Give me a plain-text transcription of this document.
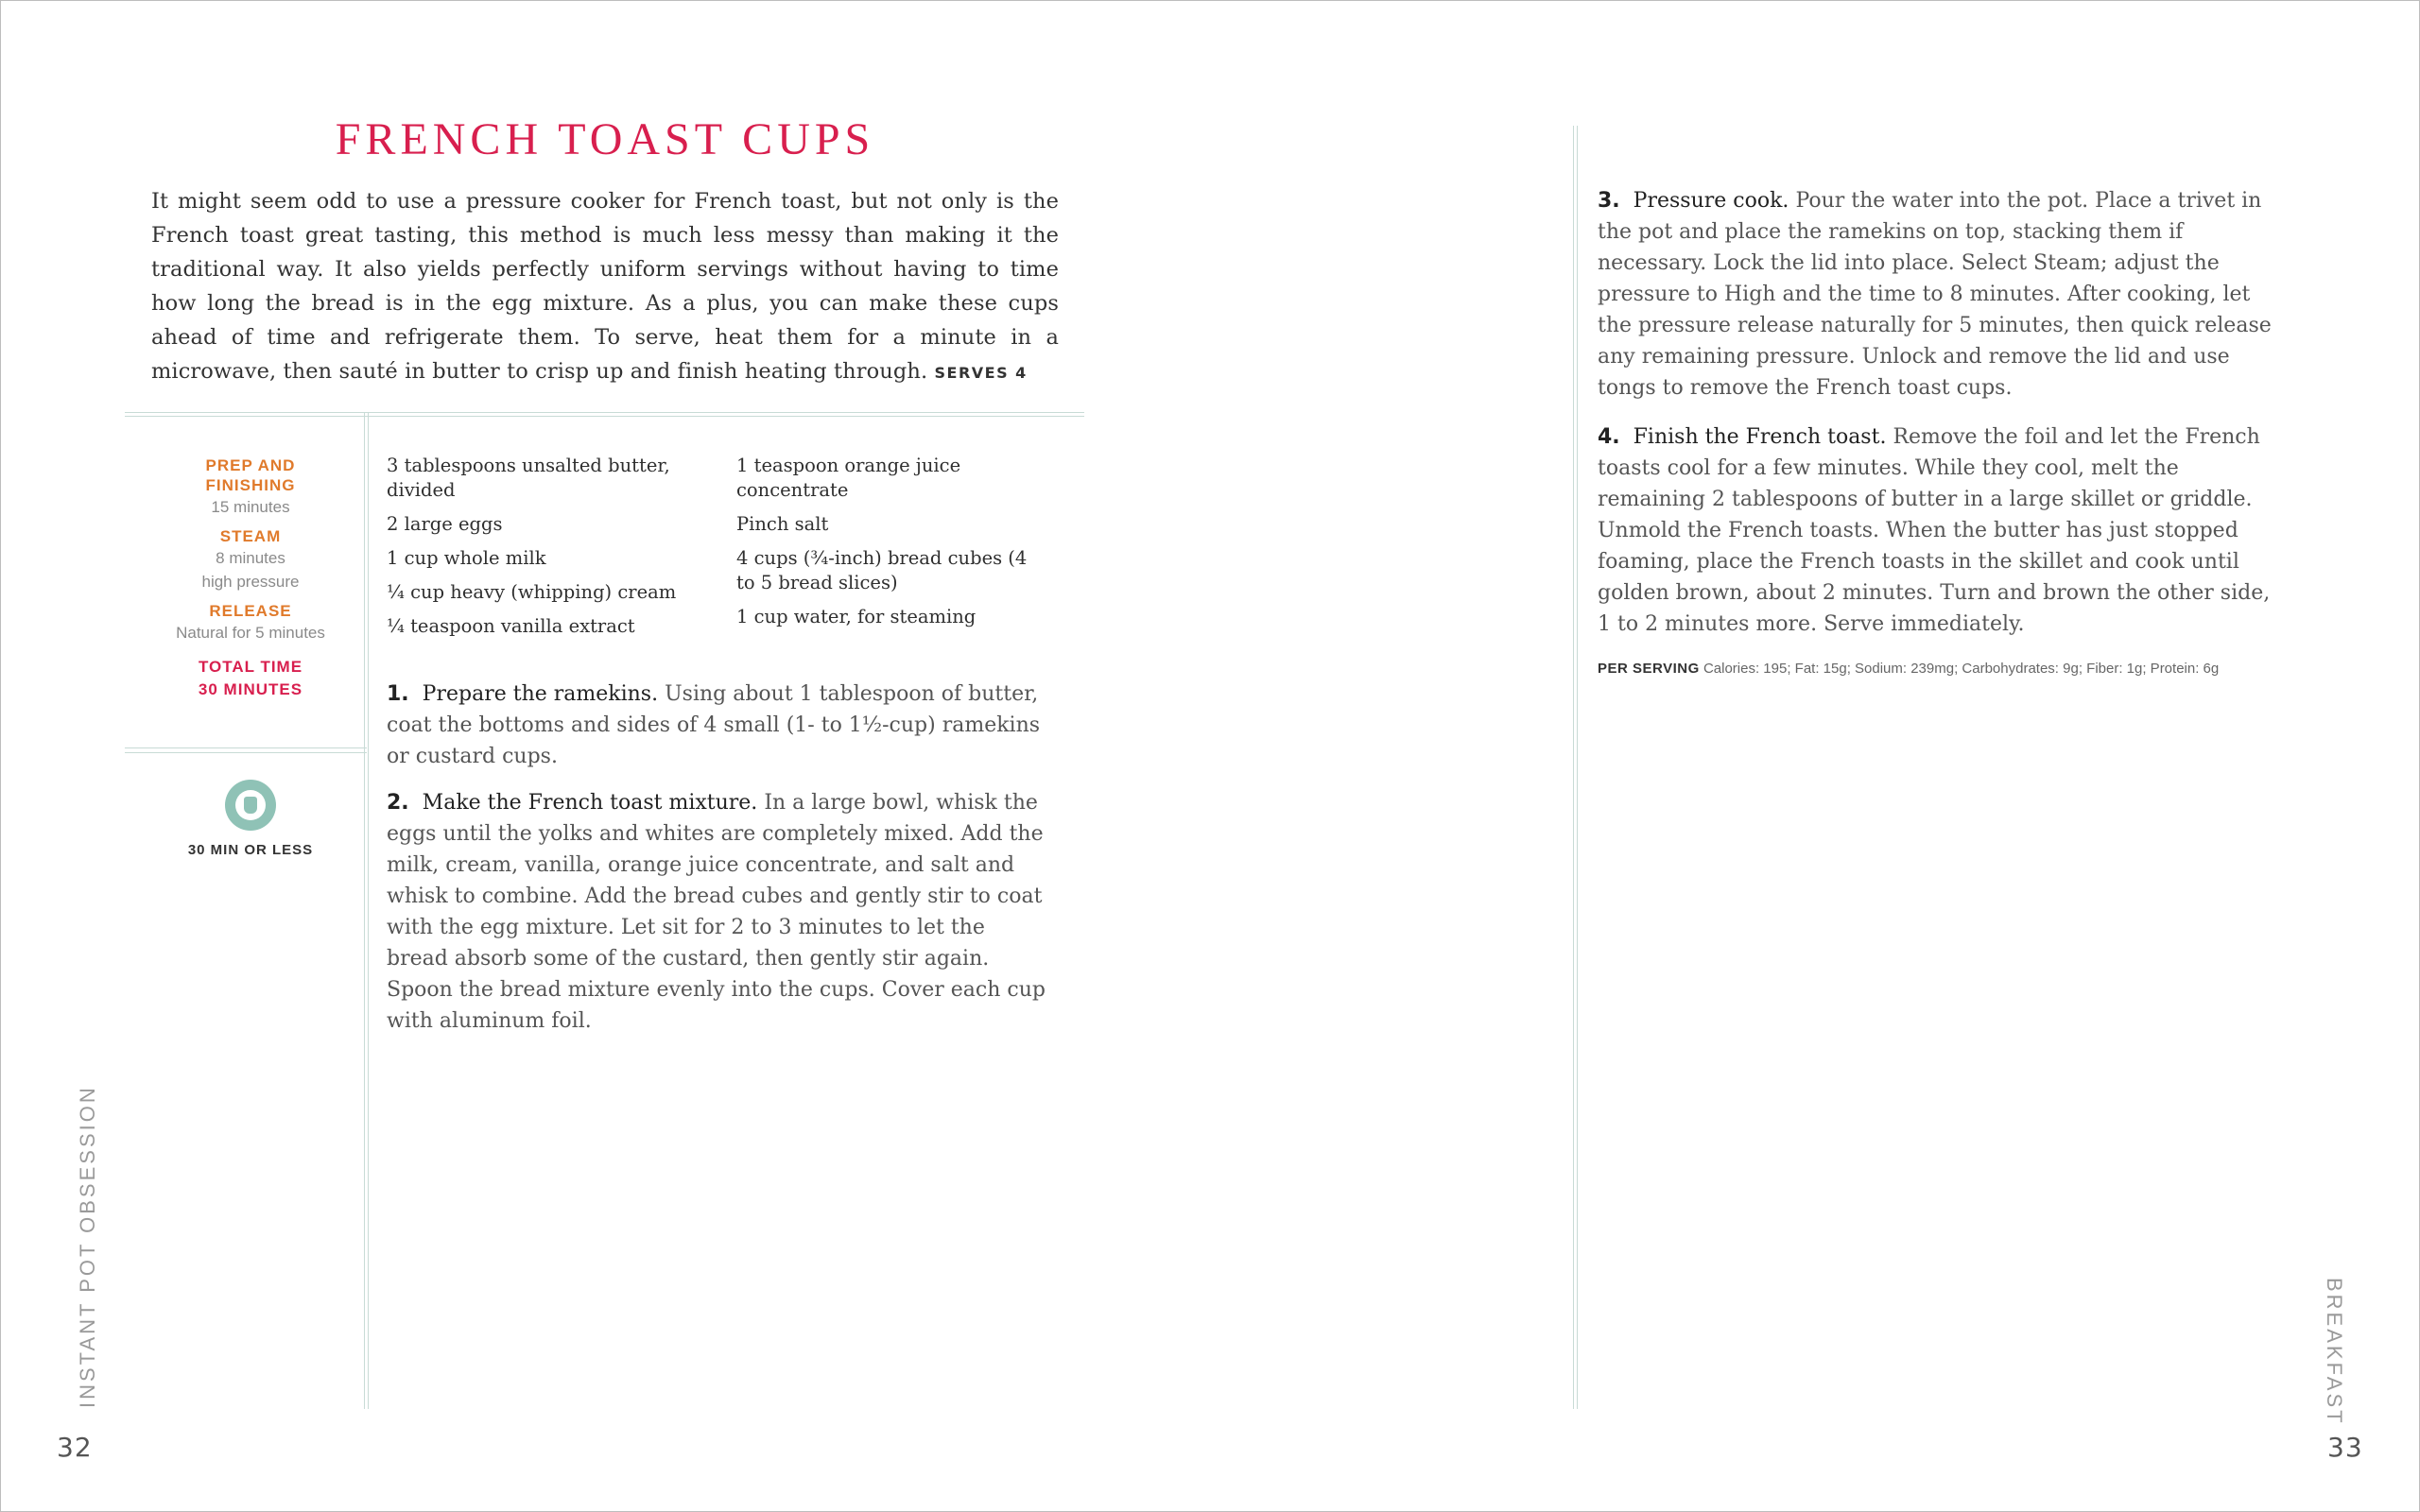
FRENCH TOAST CUPS

It might seem odd to use a pressure cooker for French toast, but not only is the French toast great tasting, this method is much less messy than making it the traditional way. It also yields perfectly uniform servings without having to time how long the bread is in the egg mixture. As a plus, you can make these cups ahead of time and refrigerate them. To serve, heat them for a minute in a microwave, then sauté in butter to crisp up and finish heating through. SERVES 4

PREP AND FINISHING
15 minutes
STEAM
8 minutes
high pressure
RELEASE
Natural for 5 minutes
TOTAL TIME
30 MINUTES
30 MIN OR LESS
3 tablespoons unsalted butter, divided
2 large eggs
1 cup whole milk
¼ cup heavy (whipping) cream
¼ teaspoon vanilla extract
1 teaspoon orange juice concentrate
Pinch salt
4 cups (¾-inch) bread cubes (4 to 5 bread slices)
1 cup water, for steaming

1. Prepare the ramekins. Using about 1 tablespoon of butter, coat the bottoms and sides of 4 small (1- to 1½-cup) ramekins or custard cups.

2. Make the French toast mixture. In a large bowl, whisk the eggs until the yolks and whites are completely mixed. Add the milk, cream, vanilla, orange juice concentrate, and salt and whisk to combine. Add the bread cubes and gently stir to coat with the egg mixture. Let sit for 2 to 3 minutes to let the bread absorb some of the custard, then gently stir again. Spoon the bread mixture evenly into the cups. Cover each cup with aluminum foil.

3. Pressure cook. Pour the water into the pot. Place a trivet in the pot and place the ramekins on top, stacking them if necessary. Lock the lid into place. Select Steam; adjust the pressure to High and the time to 8 minutes. After cooking, let the pressure release naturally for 5 minutes, then quick release any remaining pressure. Unlock and remove the lid and use tongs to remove the French toast cups.

4. Finish the French toast. Remove the foil and let the French toasts cool for a few minutes. While they cool, melt the remaining 2 tablespoons of butter in a large skillet or griddle. Unmold the French toasts. When the butter has just stopped foaming, place the French toasts in the skillet and cook until golden brown, about 2 minutes. Turn and brown the other side, 1 to 2 minutes more. Serve immediately.

PER SERVING Calories: 195; Fat: 15g; Sodium: 239mg; Carbohydrates: 9g; Fiber: 1g; Protein: 6g
INSTANT POT OBSESSION	BREAKFAST
32	33
